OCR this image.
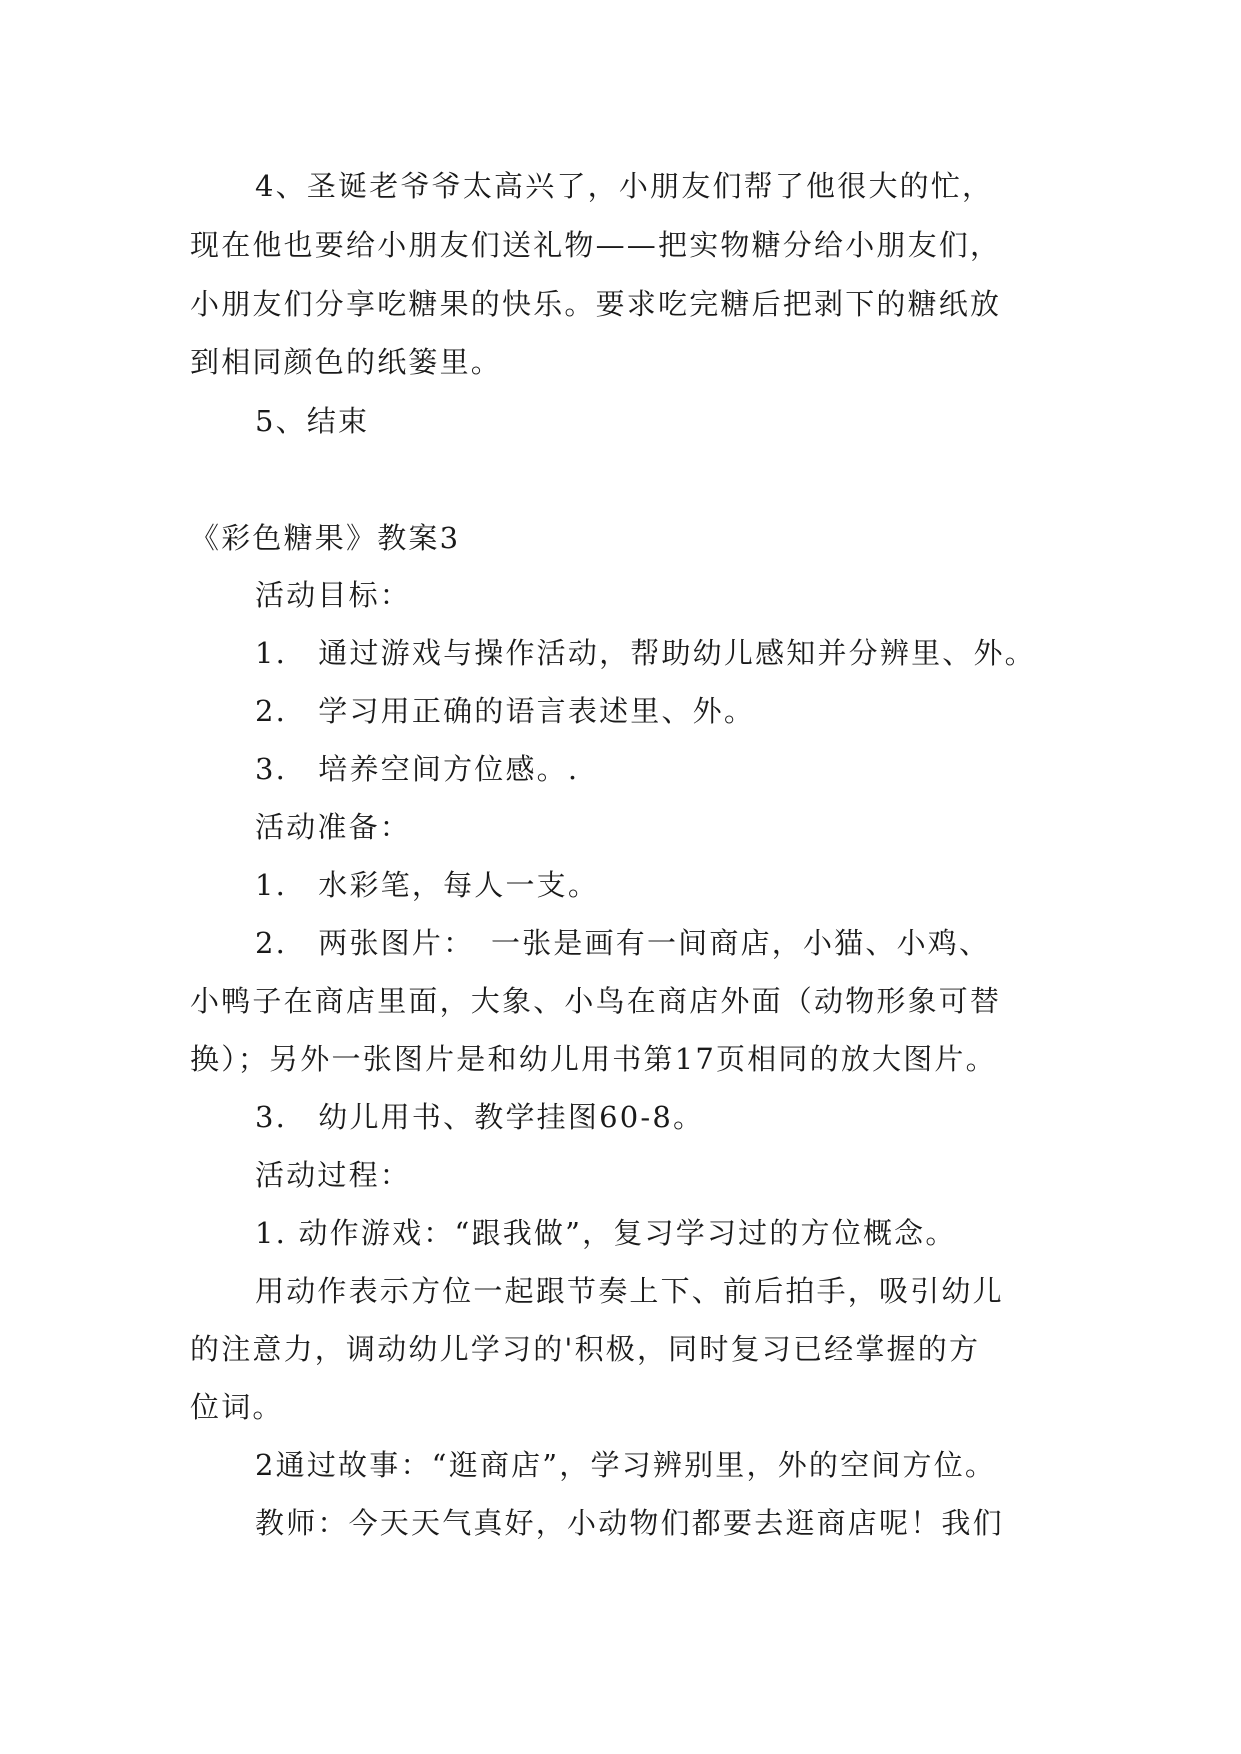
4、圣诞老爷爷太高兴了，小朋友们帮了他很大的忙，
现在他也要给小朋友们送礼物——把实物糖分给小朋友们，
小朋友们分享吃糖果的快乐。要求吃完糖后把剥下的糖纸放
到相同颜色的纸篓里。
5、结束
《彩色糖果》教案3
活动目标：
1.　通过游戏与操作活动，帮助幼儿感知并分辨里、外。
2.　学习用正确的语言表述里、外。
3.　培养空间方位感。.
活动准备：
1.　水彩笔，每人一支。
2.　两张图片：　一张是画有一间商店，小猫、小鸡、
小鸭子在商店里面，大象、小鸟在商店外面（动物形象可替
换）；另外一张图片是和幼儿用书第17页相同的放大图片。
3.　幼儿用书、教学挂图60-8。
活动过程：
1. 动作游戏：“跟我做”，复习学习过的方位概念。
用动作表示方位一起跟节奏上下、前后拍手，吸引幼儿
的注意力，调动幼儿学习的'积极，同时复习已经掌握的方
位词。
2通过故事：“逛商店”，学习辨别里，外的空间方位。
教师：今天天气真好，小动物们都要去逛商店呢！我们
